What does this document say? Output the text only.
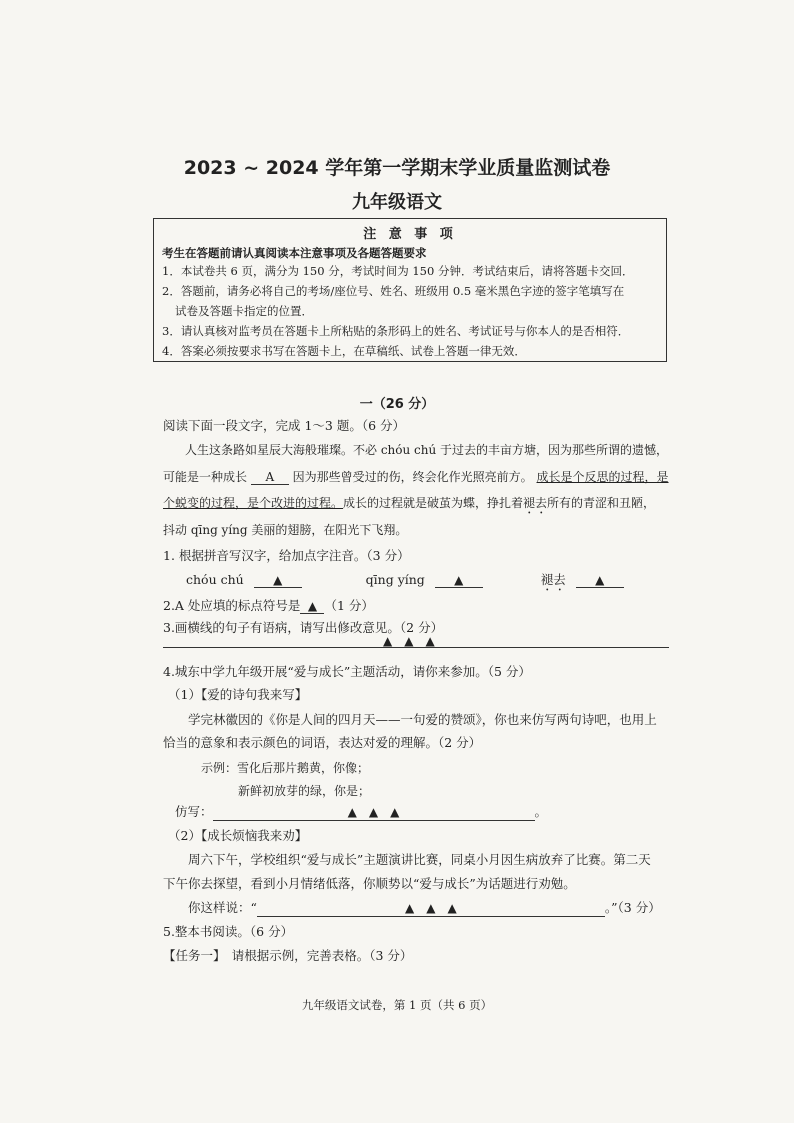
2023 ~ 2024 学年第一学期末学业质量监测试卷
九年级语文
注 意 事 项
考生在答题前请认真阅读本注意事项及各题答题要求
1．本试卷共 6 页，满分为 150 分，考试时间为 150 分钟．考试结束后，请将答题卡交回．
2．答题前，请务必将自己的考场/座位号、姓名、班级用 0.5 毫米黑色字迹的签字笔填写在
试卷及答题卡指定的位置．
3．请认真核对监考员在答题卡上所粘贴的条形码上的姓名、考试证号与你本人的是否相符．
4．答案必须按要求书写在答题卡上，在草稿纸、试卷上答题一律无效．
一（26 分）
阅读下面一段文字，完成 1～3 题。（6 分）
人生这条路如星辰大海般璀璨。不必 chóu chú 于过去的丰亩方塘，因为那些所谓的遗憾，
可能是一种成长 A 因为那些曾受过的伤，终会化作光照亮前方。 成长是个反思的过程，是
个蜕变的过程，是个改进的过程。成长的过程就是破茧为蝶，挣扎着褪去所有的青涩和丑陋，
抖动 qīng yíng 美丽的翅膀，在阳光下飞翔。
1. 根据拼音写汉字，给加点字注音。（3 分）
chóu chú ▲	qīng yíng ▲	褪去 ▲
2.A 处应填的标点符号是 ▲ （1 分）
3.画横线的句子有语病，请写出修改意见。（2 分）
▲　▲　▲
4.城东中学九年级开展“爱与成长”主题活动，请你来参加。（5 分）
（1）【爱的诗句我来写】
学完林徽因的《你是人间的四月天——一句爱的赞颂》，你也来仿写两句诗吧，也用上
恰当的意象和表示颜色的词语，表达对爱的理解。（2 分）
示例：雪化后那片鹅黄，你像；
新鲜初放芽的绿，你是；
仿写：	▲　▲　▲	。
（2）【成长烦恼我来劝】
周六下午，学校组织“爱与成长”主题演讲比赛，同桌小月因生病放弃了比赛。第二天
下午你去探望，看到小月情绪低落，你顺势以“爱与成长”为话题进行劝勉。
你这样说：“	▲　▲　▲	。”（3 分）
5.整本书阅读。（6 分）
【任务一】　请根据示例，完善表格。（3 分）
九年级语文试卷，第 1 页（共 6 页）
